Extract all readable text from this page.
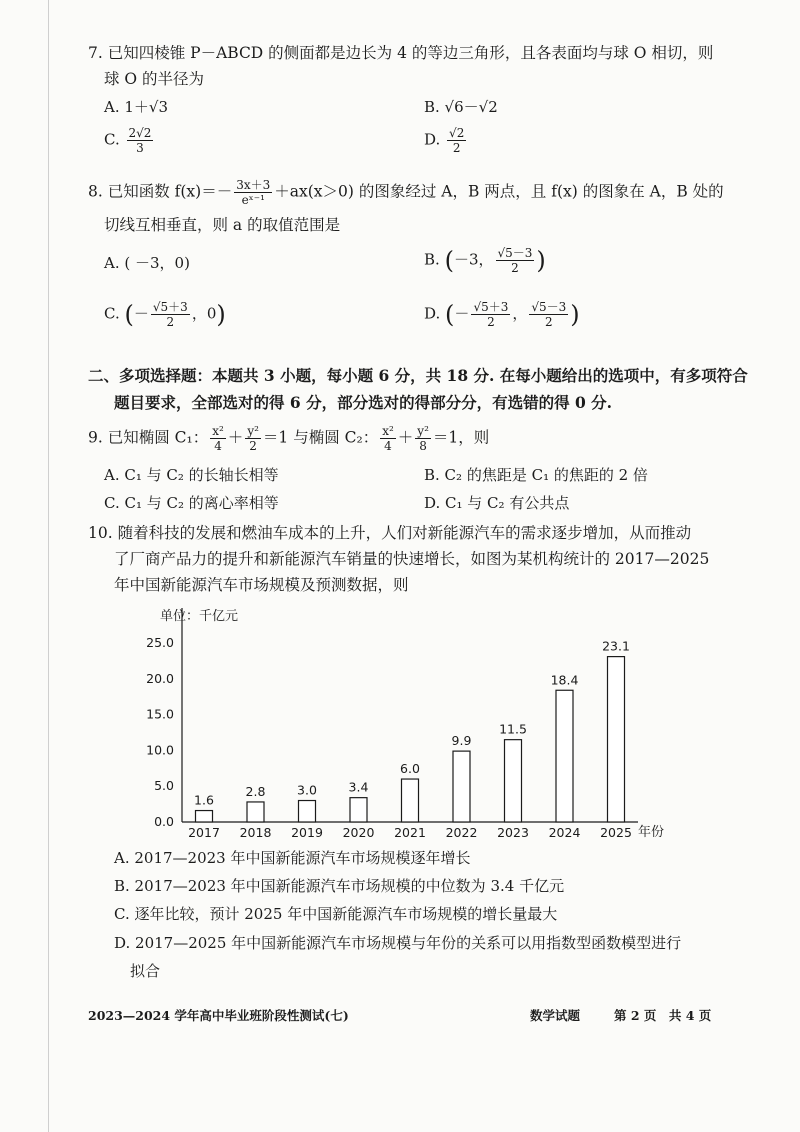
7. 已知四棱锥 P－ABCD 的侧面都是边长为 4 的等边三角形，且各表面均与球 O 相切，则
球 O 的半径为
A. 1＋√3	B. √6－√2
C. $\frac{2√2}{3}$	D. $\frac{√2}{2}$
8. 已知函数 $f(x)=- \frac{3x+3}{\text{eˣ⁻¹}} +ax(x>0)$ 的图象经过 A，B 两点，且 f(x) 的图象在 A，B 处的
切线互相垂直，则 a 的取值范围是
A. ( －3，0)	B. (－3， $\frac{√5-3}{2}$ )
C. (－ $\frac{√5+3}{2}$ ，0)	D. (－ $\frac{√5+3}{2}$ ， $\frac{√5-3}{2}$ )
二、多项选择题：本题共 3 小题，每小题 6 分，共 18 分. 在每小题给出的选项中，有多项符合
题目要求，全部选对的得 6 分，部分选对的得部分分，有选错的得 0 分.
9. 已知椭圆 C₁： $\frac{\text{x²}}{4} + \frac{\text{y²}}{2} =1$ 与椭圆 C₂： $\frac{\text{x²}}{4} + \frac{\text{y²}}{8} =1$，则
A. C₁ 与 C₂ 的长轴长相等	B. C₂ 的焦距是 C₁ 的焦距的 2 倍
C. C₁ 与 C₂ 的离心率相等	D. C₁ 与 C₂ 有公共点
10. 随着科技的发展和燃油车成本的上升，人们对新能源汽车的需求逐步增加，从而推动
了厂商产品力的提升和新能源汽车销量的快速增长，如图为某机构统计的 2017—2025
年中国新能源汽车市场规模及预测数据，则
单位：千亿元
年份
0.0
5.0
10.0
15.0
20.0
25.0
1.6
2017
2.8
2018
3.0
2019
3.4
2020
6.0
2021
9.9
2022
11.5
2023
18.4
2024
23.1
2025
A. 2017—2023 年中国新能源汽车市场规模逐年增长
B. 2017—2023 年中国新能源汽车市场规模的中位数为 3.4 千亿元
C. 逐年比较，预计 2025 年中国新能源汽车市场规模的增长量最大
D. 2017—2025 年中国新能源汽车市场规模与年份的关系可以用指数型函数模型进行
拟合
2023—2024 学年高中毕业班阶段性测试(七)	数学试题	第 2 页　共 4 页
